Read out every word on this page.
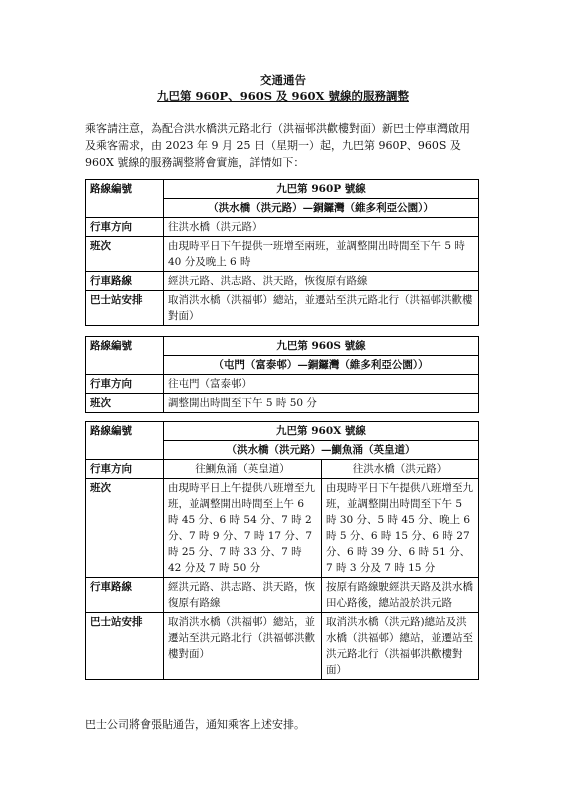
交通通告
九巴第 960P、960S 及 960X 號線的服務調整

乘客請注意，為配合洪水橋洪元路北行（洪福邨洪歡樓對面）新巴士停車灣啟用及乘客需求，由 2023 年 9 月 25 日（星期一）起，九巴第 960P、960S 及 960X 號線的服務調整將會實施，詳情如下：

路線編號	九巴第 960P 號線
	（洪水橋（洪元路）—銅鑼灣（維多利亞公園））
行車方向	往洪水橋（洪元路）
班次	由現時平日下午提供一班增至兩班，並調整開出時間至下午 5 時 40 分及晚上 6 時
行車路線	經洪元路、洪志路、洪天路，恢復原有路線
巴士站安排	取消洪水橋（洪福邨）總站，並遷站至洪元路北行（洪福邨洪歡樓對面）
路線編號	九巴第 960S 號線
	（屯門（富泰邨）—銅鑼灣（維多利亞公園））
行車方向	往屯門（富泰邨）
班次	調整開出時間至下午 5 時 50 分
路線編號	九巴第 960X 號線	
	（洪水橋（洪元路）—鰂魚涌（英皇道）	
行車方向	往鰂魚涌（英皇道）	往洪水橋（洪元路）
班次	由現時平日上午提供八班增至九班，並調整開出時間至上午 6 時 45 分、6 時 54 分、7 時 2 分、7 時 9 分、7 時 17 分、7 時 25 分、7 時 33 分、7 時 42 分及 7 時 50 分	由現時平日下午提供八班增至九班，並調整開出時間至下午 5 時 30 分、5 時 45 分、晚上 6 時 5 分、6 時 15 分、6 時 27 分、6 時 39 分、6 時 51 分、7 時 3 分及 7 時 15 分
行車路線	經洪元路、洪志路、洪天路，恢復原有路線	按原有路線駛經洪天路及洪水橋田心路後，總站設於洪元路
巴士站安排	取消洪水橋（洪福邨）總站，並遷站至洪元路北行（洪福邨洪歡樓對面）	取消洪水橋（洪元路)總站及洪水橋（洪福邨）總站，並遷站至洪元路北行（洪福邨洪歡樓對面）

巴士公司將會張貼通告，通知乘客上述安排。
